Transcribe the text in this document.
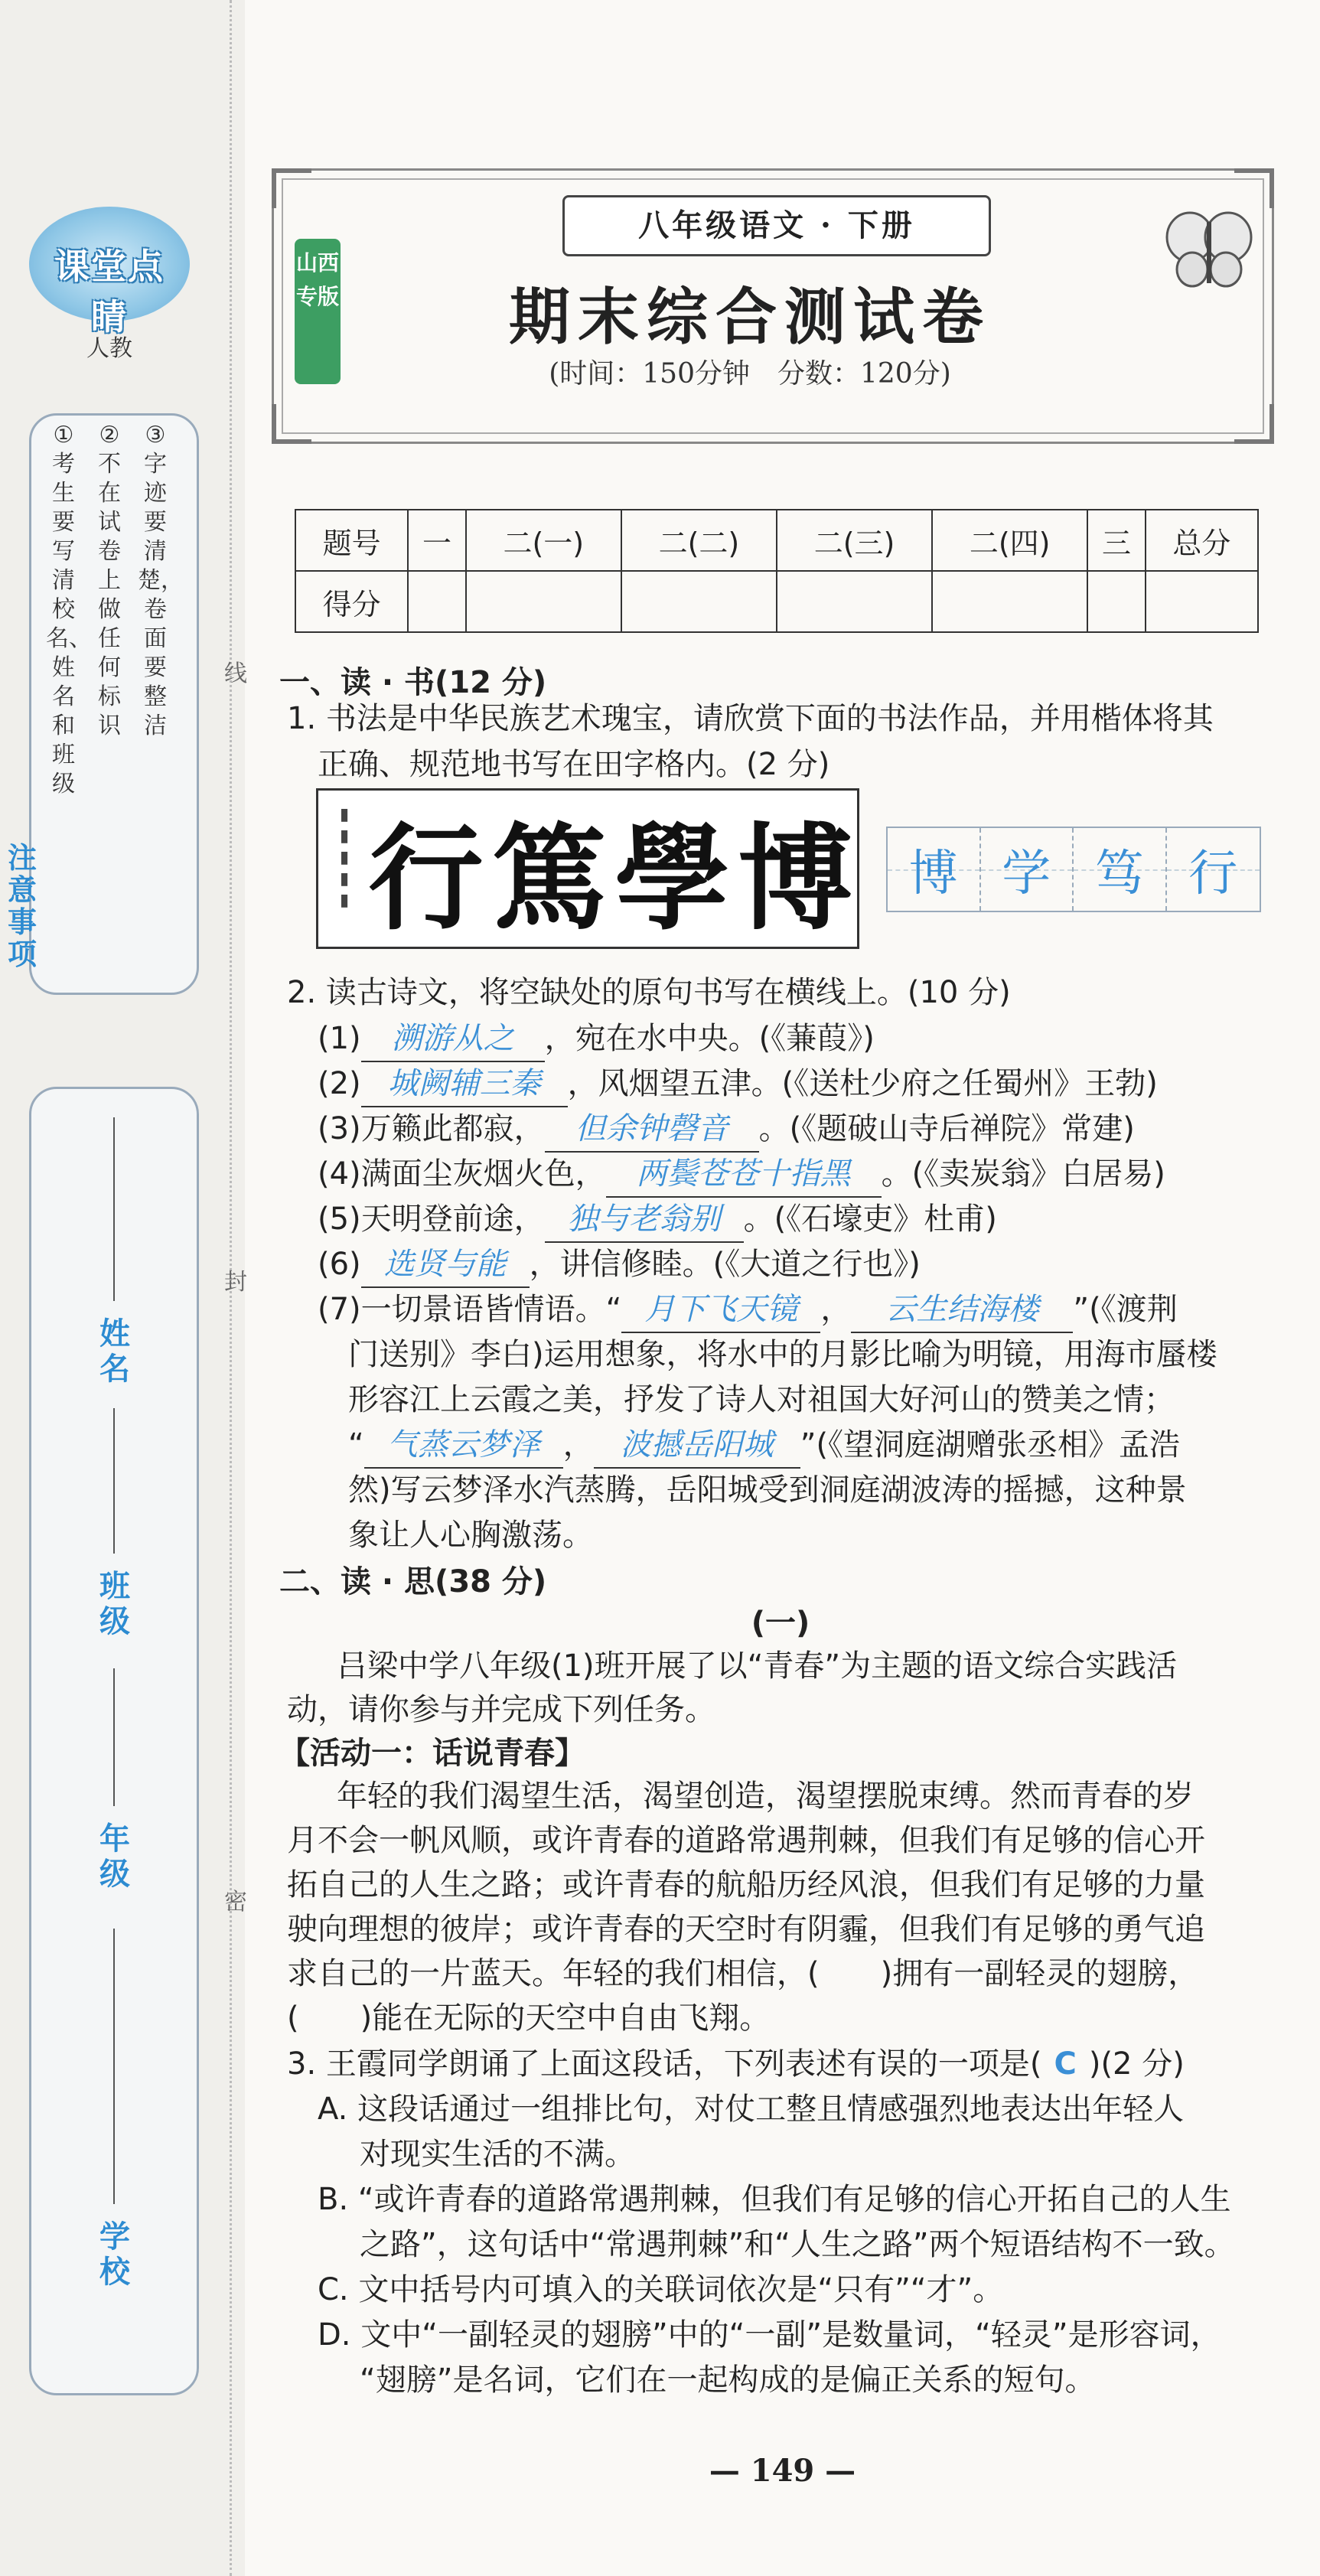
课堂点睛
人教
注意事项
①考生要写清校名、姓名和班级
②不在试卷上做任何标识
③字迹要清楚，卷面要整洁
姓名
班级
年级
学校
线
封
密
八年级语文 · 下册
山西专版	期末综合测试卷
(时间：150分钟　分数：120分)
题号	一	二(一)	二(二)	二(三)	二(四)	三	总分
得分							
一、读 · 书(12 分)
1. 书法是中华民族艺术瑰宝，请欣赏下面的书法作品，并用楷体将其
正确、规范地书写在田字格内。(2 分)
▮
▮
▮
▮
▮ 行 篤 學 博 博 学 笃 行
2. 读古诗文，将空缺处的原句书写在横线上。(10 分)
(1) 溯游从之 ，宛在水中央。(《蒹葭》)
(2) 城阙辅三秦 ，风烟望五津。(《送杜少府之任蜀州》王勃)
(3)万籁此都寂， 但余钟磬音 。(《题破山寺后禅院》常建)
(4)满面尘灰烟火色， 两鬓苍苍十指黑 。(《卖炭翁》白居易)
(5)天明登前途， 独与老翁别 。(《石壕吏》杜甫)
(6) 选贤与能 ，讲信修睦。(《大道之行也》)
(7)一切景语皆情语。“ 月下飞天镜 ， 云生结海楼 ”(《渡荆
门送别》李白)运用想象，将水中的月影比喻为明镜，用海市蜃楼
形容江上云霞之美，抒发了诗人对祖国大好河山的赞美之情；
“ 气蒸云梦泽 ， 波撼岳阳城 ”(《望洞庭湖赠张丞相》孟浩
然)写云梦泽水汽蒸腾，岳阳城受到洞庭湖波涛的摇撼，这种景
象让人心胸激荡。
二、读 · 思(38 分)
(一)
吕梁中学八年级(1)班开展了以“青春”为主题的语文综合实践活
动，请你参与并完成下列任务。
【活动一：话说青春】
年轻的我们渴望生活，渴望创造，渴望摆脱束缚。然而青春的岁
月不会一帆风顺，或许青春的道路常遇荆棘，但我们有足够的信心开
拓自己的人生之路；或许青春的航船历经风浪，但我们有足够的力量
驶向理想的彼岸；或许青春的天空时有阴霾，但我们有足够的勇气追
求自己的一片蓝天。年轻的我们相信，(　　)拥有一副轻灵的翅膀，
(　　)能在无际的天空中自由飞翔。
3. 王霞同学朗诵了上面这段话，下列表述有误的一项是( C )(2 分)
A. 这段话通过一组排比句，对仗工整且情感强烈地表达出年轻人
对现实生活的不满。
B. “或许青春的道路常遇荆棘，但我们有足够的信心开拓自己的人生
之路”，这句话中“常遇荆棘”和“人生之路”两个短语结构不一致。
C. 文中括号内可填入的关联词依次是“只有”“才”。
D. 文中“一副轻灵的翅膀”中的“一副”是数量词，“轻灵”是形容词，
“翅膀”是名词，它们在一起构成的是偏正关系的短句。
— 149 —
